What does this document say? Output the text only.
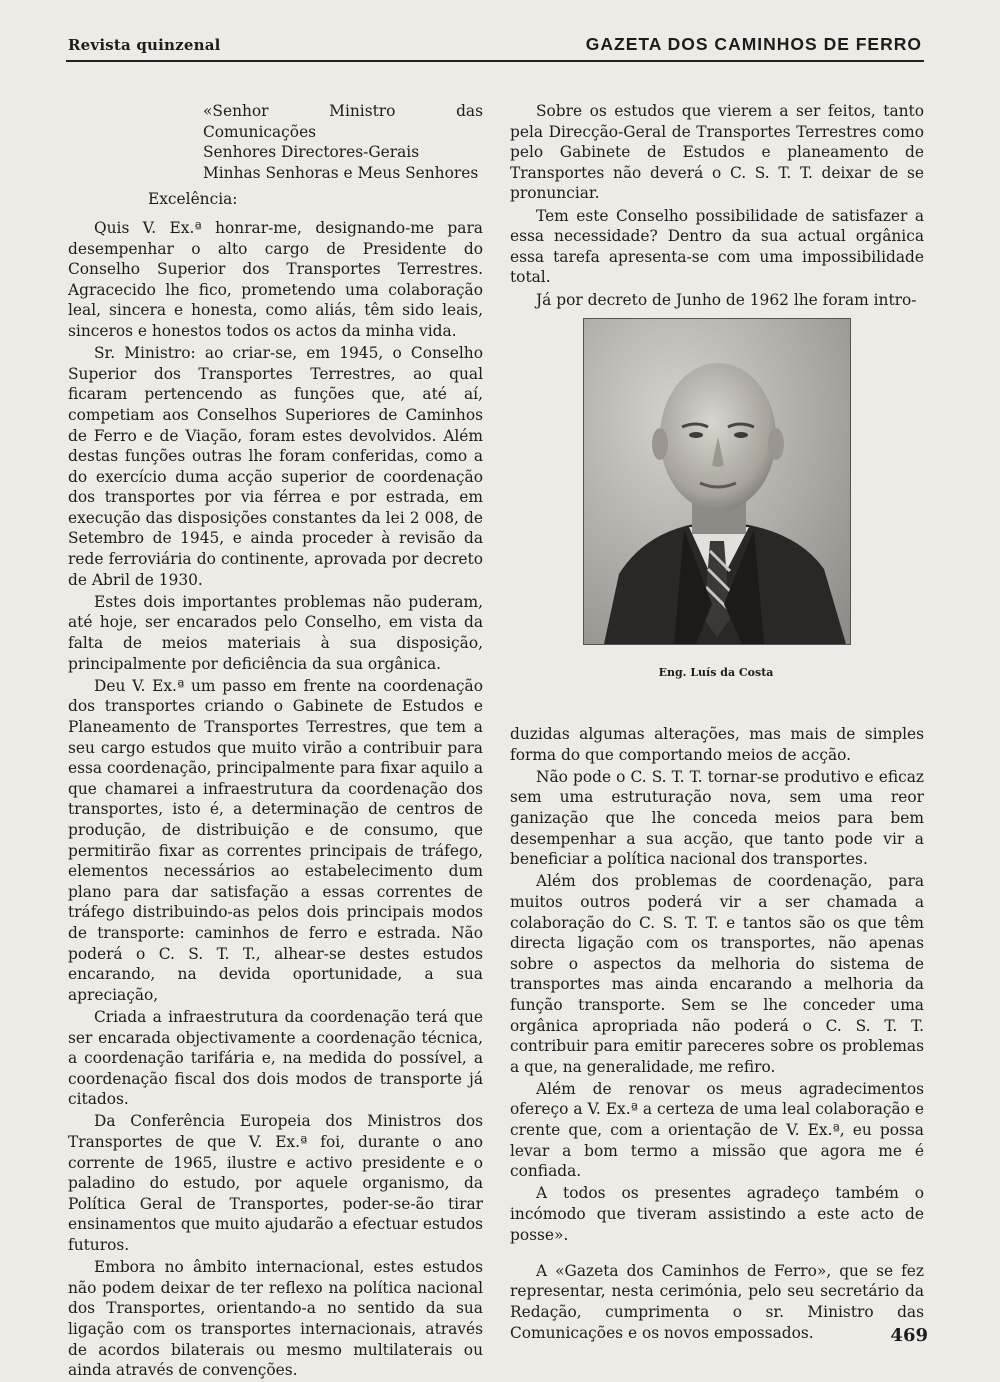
Revista quinzenal	GAZETA DOS CAMINHOS DE FERRO
«Senhor Ministro das Comunicações
Senhores Directores-Gerais
Minhas Senhoras e Meus Senhores
Excelência:

Quis V. Ex.ª honrar-me, designando-me para desempenhar o alto cargo de Presidente do Conselho Superior dos Transportes Terrestres. Agracecido lhe fico, prometendo uma colaboração leal, sincera e honesta, como aliás, têm sido leais, sinceros e honestos todos os actos da minha vida.

Sr. Ministro: ao criar-se, em 1945, o Conselho Superior dos Transportes Terrestres, ao qual ficaram pertencendo as funções que, até aí, competiam aos Conselhos Superiores de Caminhos de Ferro e de Viação, foram estes devolvidos. Além destas funções outras lhe foram conferidas, como a do exercício duma acção superior de coordenação dos transportes por via férrea e por estrada, em execução das disposições constantes da lei 2 008, de Setembro de 1945, e ainda proceder à revisão da rede ferroviária do continente, aprovada por decreto de Abril de 1930.

Estes dois importantes problemas não puderam, até hoje, ser encarados pelo Conselho, em vista da falta de meios materiais à sua disposição, principalmente por deficiência da sua orgânica.

Deu V. Ex.ª um passo em frente na coordenação dos transportes criando o Gabinete de Estudos e Planeamento de Transportes Terrestres, que tem a seu cargo estudos que muito virão a contribuir para essa coordenação, principalmente para fixar aquilo a que chamarei a infraestrutura da coordenação dos transportes, isto é, a determinação de centros de produção, de distribuição e de consumo, que permitirão fixar as correntes principais de tráfego, elementos necessários ao estabelecimento dum plano para dar satisfação a essas correntes de tráfego distribuindo-as pelos dois principais modos de transporte: caminhos de ferro e estrada. Não poderá o C. S. T. T., alhear-se destes estudos encarando, na devida oportunidade, a sua apreciação,

Criada a infraestrutura da coordenação terá que ser encarada objectivamente a coordenação técnica, a coordenação tarifária e, na medida do possível, a coordenação fiscal dos dois modos de transporte já citados.

Da Conferência Europeia dos Ministros dos Transportes de que V. Ex.ª foi, durante o ano corrente de 1965, ilustre e activo presidente e o paladino do estudo, por aquele organismo, da Política Geral de Transportes, poder-se-ão tirar ensinamentos que muito ajudarão a efectuar estudos futuros.

Embora no âmbito internacional, estes estudos não podem deixar de ter reflexo na política nacional dos Transportes, orientando-a no sentido da sua ligação com os transportes internacionais, através de acordos bilaterais ou mesmo multilaterais ou ainda através de convenções.

Sobre os estudos que vierem a ser feitos, tanto pela Direcção-Geral de Transportes Terrestres como pelo Gabinete de Estudos e planeamento de Transportes não deverá o C. S. T. T. deixar de se pronunciar.

Tem este Conselho possibilidade de satisfazer a essa necessidade? Dentro da sua actual orgânica essa tarefa apresenta-se com uma impossibilidade total.

Já por decreto de Junho de 1962 lhe foram intro-

Eng. Luís da Costa

duzidas algumas alterações, mas mais de simples forma do que comportando meios de acção.

Não pode o C. S. T. T. tornar-se produtivo e eficaz sem uma estruturação nova, sem uma reor ganização que lhe conceda meios para bem desempenhar a sua acção, que tanto pode vir a beneficiar a política nacional dos transportes.

Além dos problemas de coordenação, para muitos outros poderá vir a ser chamada a colaboração do C. S. T. T. e tantos são os que têm directa ligação com os transportes, não apenas sobre o aspectos da melhoria do sistema de transportes mas ainda encarando a melhoria da função transporte. Sem se lhe conceder uma orgânica apropriada não poderá o C. S. T. T. contribuir para emitir pareceres sobre os problemas a que, na generalidade, me refiro.

Além de renovar os meus agradecimentos ofereço a V. Ex.ª a certeza de uma leal colaboração e crente que, com a orientação de V. Ex.ª, eu possa levar a bom termo a missão que agora me é confiada.

A todos os presentes agradeço também o incómodo que tiveram assistindo a este acto de posse».

A «Gazeta dos Caminhos de Ferro», que se fez representar, nesta cerimónia, pelo seu secretário da Redação, cumprimenta o sr. Ministro das Comunicações e os novos empossados.	469
